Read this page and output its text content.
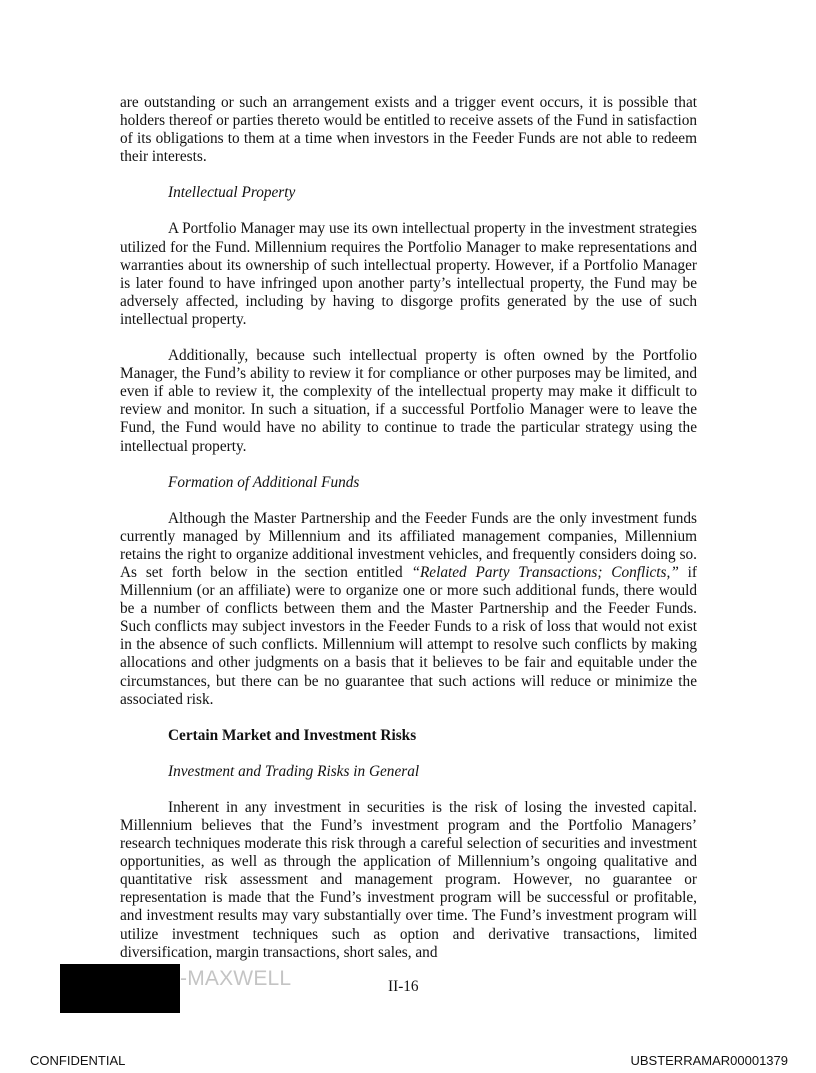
are outstanding or such an arrangement exists and a trigger event occurs, it is possible that holders thereof or parties thereto would be entitled to receive assets of the Fund in satisfaction of its obligations to them at a time when investors in the Feeder Funds are not able to redeem their interests.

Intellectual Property

A Portfolio Manager may use its own intellectual property in the investment strategies utilized for the Fund. Millennium requires the Portfolio Manager to make representations and warranties about its ownership of such intellectual property. However, if a Portfolio Manager is later found to have infringed upon another party’s intellectual property, the Fund may be adversely affected, including by having to disgorge profits generated by the use of such intellectual property.

Additionally, because such intellectual property is often owned by the Portfolio Manager, the Fund’s ability to review it for compliance or other purposes may be limited, and even if able to review it, the complexity of the intellectual property may make it difficult to review and monitor. In such a situation, if a successful Portfolio Manager were to leave the Fund, the Fund would have no ability to continue to trade the particular strategy using the intellectual property.

Formation of Additional Funds

Although the Master Partnership and the Feeder Funds are the only investment funds currently managed by Millennium and its affiliated management companies, Millennium retains the right to organize additional investment vehicles, and frequently considers doing so. As set forth below in the section entitled “Related Party Transactions; Conflicts,” if Millennium (or an affiliate) were to organize one or more such additional funds, there would be a number of conflicts between them and the Master Partnership and the Feeder Funds. Such conflicts may subject investors in the Feeder Funds to a risk of loss that would not exist in the absence of such conflicts. Millennium will attempt to resolve such conflicts by making allocations and other judgments on a basis that it believes to be fair and equitable under the circumstances, but there can be no guarantee that such actions will reduce or minimize the associated risk.

Certain Market and Investment Risks

Investment and Trading Risks in General

Inherent in any investment in securities is the risk of losing the invested capital. Millennium believes that the Fund’s investment program and the Portfolio Managers’ research techniques moderate this risk through a careful selection of securities and investment opportunities, as well as through the application of Millennium’s ongoing qualitative and quantitative risk assessment and management program. However, no guarantee or representation is made that the Fund’s investment program will be successful or profitable, and investment results may vary substantially over time. The Fund’s investment program will utilize investment techniques such as option and derivative transactions, limited diversification, margin transactions, short sales, and

-MAXWELL	II-16
CONFIDENTIAL	UBSTERRAMAR00001379
